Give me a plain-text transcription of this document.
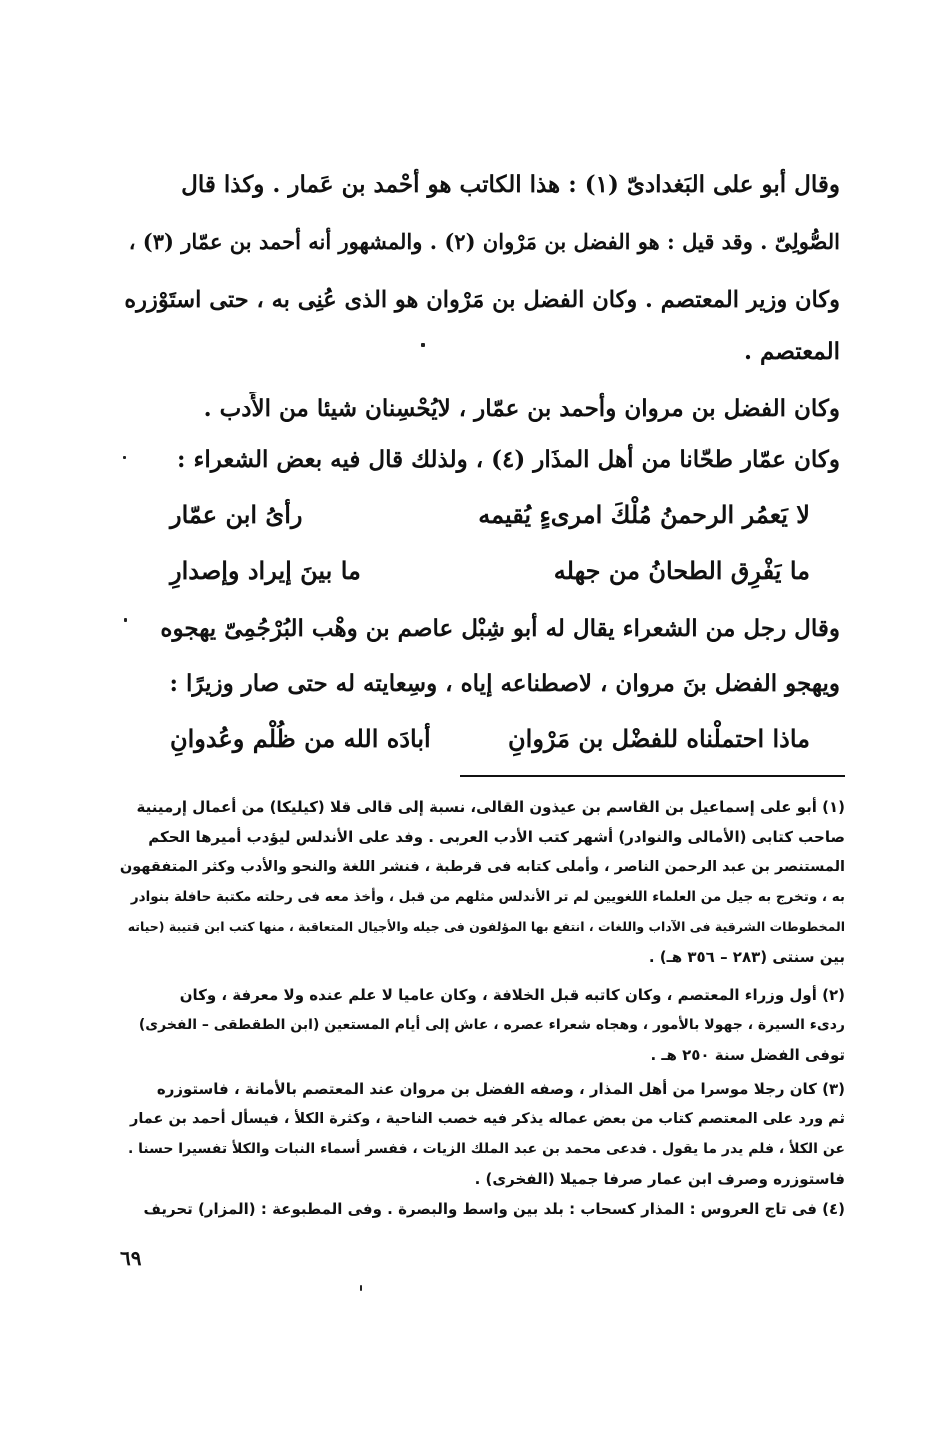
وقال أبو على البَغدادىّ (١) : هذا الكاتب هو أحْمد بن عَمار . وكذا قال
الصُّولِىّ . وقد قيل : هو الفضل بن مَرْوان (٢) . والمشهور أنه أحمد بن عمّار (٣) ،
وكان وزير المعتصم . وكان الفضل بن مَرْوان هو الذى عُنِى به ، حتى استَوْزره
المعتصم .
وكان الفضل بن مروان وأحمد بن عمّار ، لايُحْسِنان شيئا من الأَدب .
وكان عمّار طحّانا من أهل المذَار (٤) ، ولذلك قال فيه بعض الشعراء :
لا يَعمُر الرحمنُ مُلْكَ امرىءٍ يُقيمه
رأىُ ابن عمّار
ما يَفْرِق الطحانُ من جهله
ما بينَ إيراد وإصدارِ
وقال رجل من الشعراء يقال له أبو شِبْل عاصم بن وهْب البُرْجُمِىّ يهجوه
ويهجو الفضل بنَ مروان ، لاصطناعه إياه ، وسِعايته له حتى صار وزيرًا :
ماذا احتملْناه للفضْل بن مَرْوانِ
أبادَه الله من ظُلْم وعُدوانِ
(١) أبو على إسماعيل بن القاسم بن عيذون القالى، نسبة إلى قالى قلا (كيليكا) من أعمال إرمينية
صاحب كتابى (الأمالى والنوادر) أشهر كتب الأدب العربى . وفد على الأندلس ليؤدب أميرها الحكم
المستنصر بن عبد الرحمن الناصر ، وأملى كتابه فى قرطبة ، فنشر اللغة والنحو والأدب وكثر المتفقهون
به ، وتخرج به جيل من العلماء اللغويين لم تر الأندلس مثلهم من قبل ، وأخذ معه فى رحلته مكتبة حافلة بنوادر
المخطوطات الشرقية فى الآداب واللغات ، انتفع بها المؤلفون فى جيله والأجيال المتعاقبة ، منها كتب ابن قتيبة (حياته
بين سنتى (٢٨٣ – ٣٥٦ هـ) .
(٢) أول وزراء المعتصم ، وكان كاتبه قبل الخلافة ، وكان عاميا لا علم عنده ولا معرفة ، وكان
ردىء السيرة ، جهولا بالأمور ، وهجاه شعراء عصره ، عاش إلى أيام المستعين (ابن الطقطقى – الفخرى)
توفى الفضل سنة ٢٥٠ هـ .
(٣) كان رجلا موسرا من أهل المذار ، وصفه الفضل بن مروان عند المعتصم بالأمانة ، فاستوزره
ثم ورد على المعتصم كتاب من بعض عماله يذكر فيه خصب الناحية ، وكثرة الكلأ ، فيسأل أحمد بن عمار
عن الكلأ ، فلم يدر ما يقول . فدعى محمد بن عبد الملك الزيات ، ففسر أسماء النبات والكلأ تفسيرا حسنا .
فاستوزره وصرف ابن عمار صرفا جميلا (الفخرى) .
(٤) فى تاج العروس : المذار كسحاب : بلد بين واسط والبصرة . وفى المطبوعة : (المزار) تحريف
٦٩
